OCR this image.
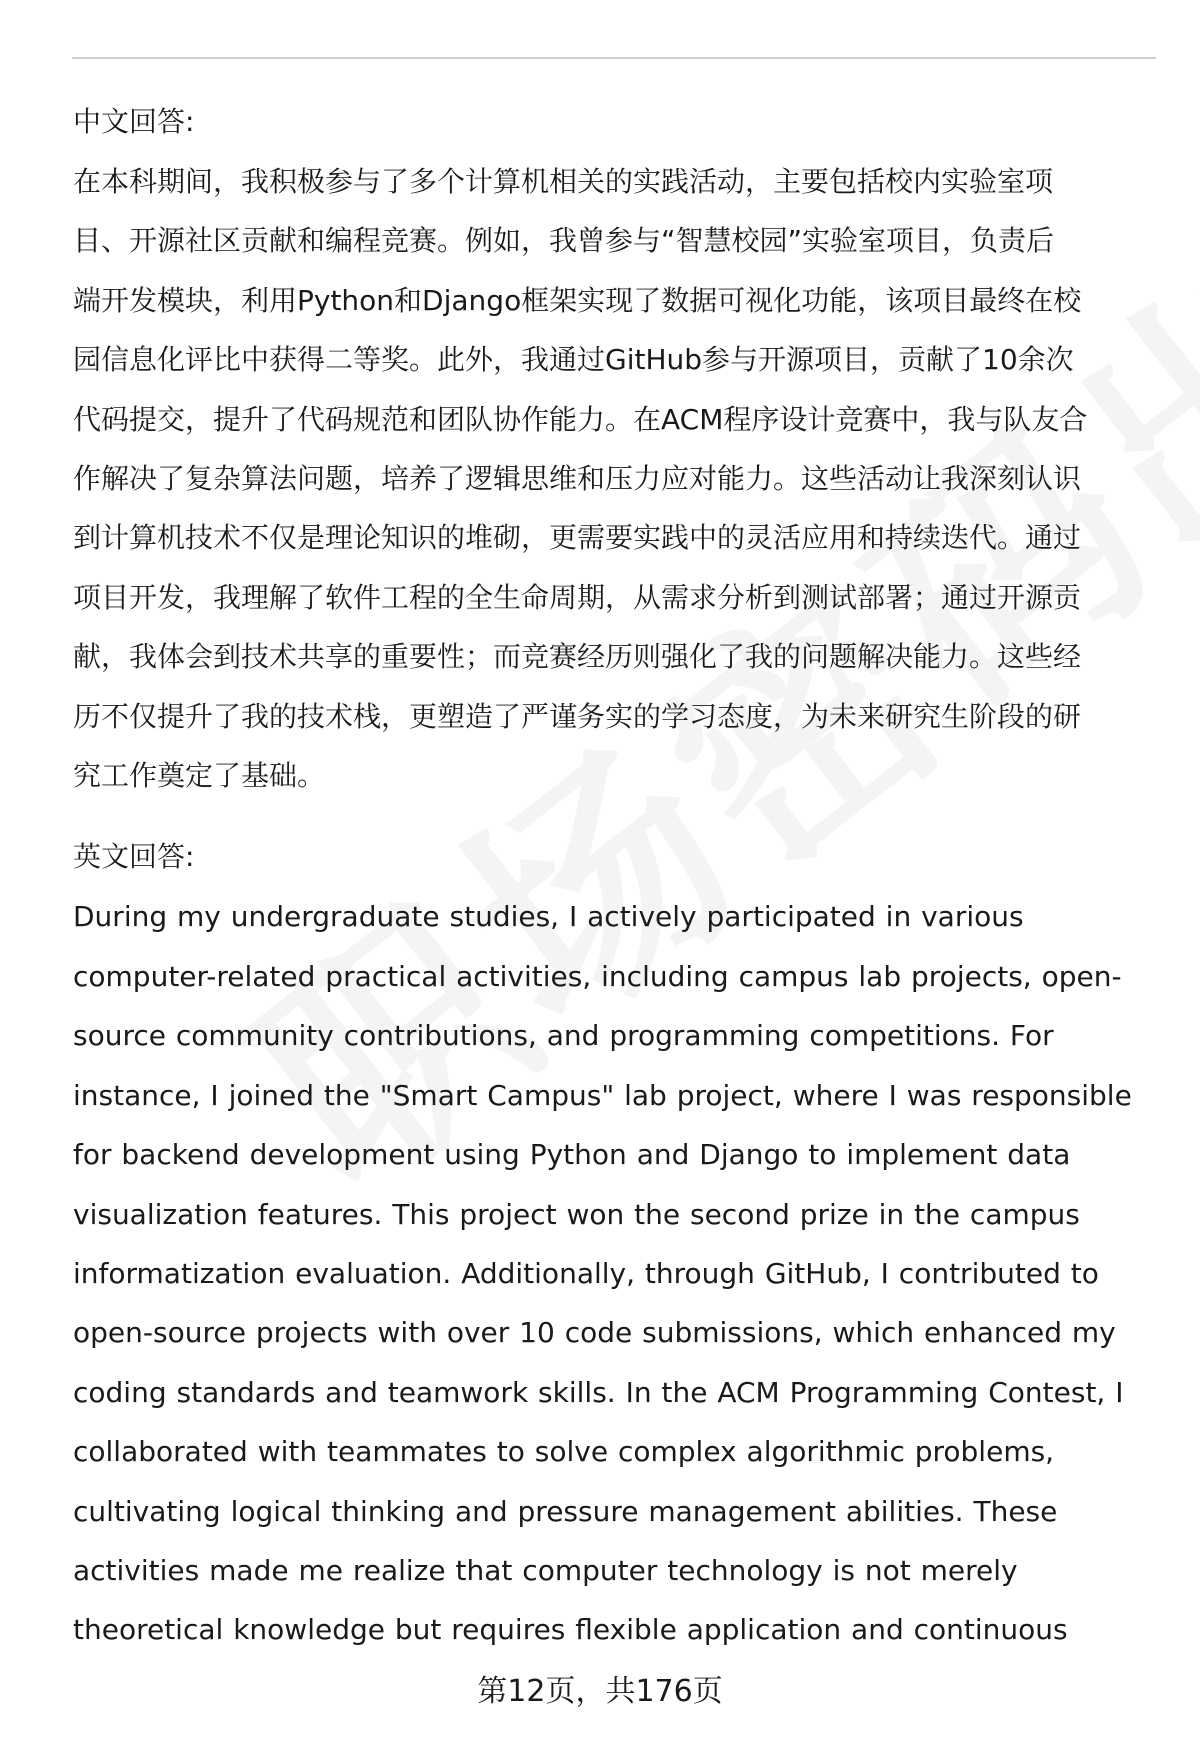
中文回答:

在本科期间，我积极参与了多个计算机相关的实践活动，主要包括校内实验室项
目、开源社区贡献和编程竞赛。例如，我曾参与“智慧校园”实验室项目，负责后
端开发模块，利用Python和Django框架实现了数据可视化功能，该项目最终在校
园信息化评比中获得二等奖。此外，我通过GitHub参与开源项目，贡献了10余次
代码提交，提升了代码规范和团队协作能力。在ACM程序设计竞赛中，我与队友合
作解决了复杂算法问题，培养了逻辑思维和压力应对能力。这些活动让我深刻认识
到计算机技术不仅是理论知识的堆砌，更需要实践中的灵活应用和持续迭代。通过
项目开发，我理解了软件工程的全生命周期，从需求分析到测试部署；通过开源贡
献，我体会到技术共享的重要性；而竞赛经历则强化了我的问题解决能力。这些经
历不仅提升了我的技术栈，更塑造了严谨务实的学习态度，为未来研究生阶段的研
究工作奠定了基础。

英文回答:

During my undergraduate studies, I actively participated in various
computer-related practical activities, including campus lab projects, open-
source community contributions, and programming competitions. For
instance, I joined the "Smart Campus" lab project, where I was responsible
for backend development using Python and Django to implement data
visualization features. This project won the second prize in the campus
informatization evaluation. Additionally, through GitHub, I contributed to
open-source projects with over 10 code submissions, which enhanced my
coding standards and teamwork skills. In the ACM Programming Contest, I
collaborated with teammates to solve complex algorithmic problems,
cultivating logical thinking and pressure management abilities. These
activities made me realize that computer technology is not merely
theoretical knowledge but requires flexible application and continuous
第12页，共176页
